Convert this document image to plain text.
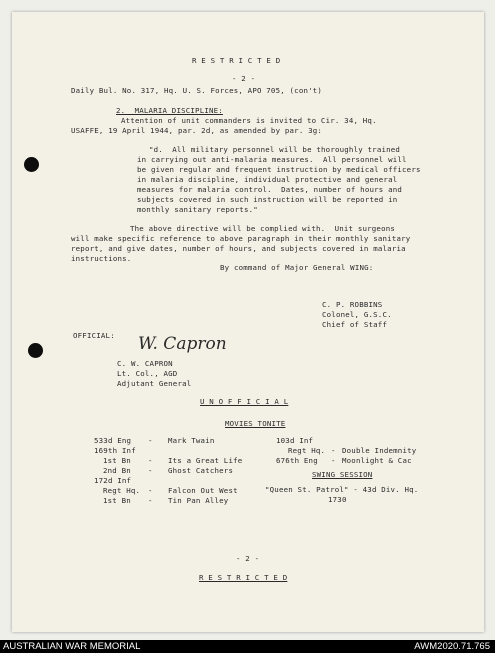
R E S T R I C T E D
- 2 -
Daily Bul. No. 317, Hq. U. S. Forces, APO 705, (con't)
2.  MALARIA DISCIPLINE:
Attention of unit commanders is invited to Cir. 34, Hq.
USAFFE, 19 April 1944, par. 2d, as amended by par. 3g:
"d.  All military personnel will be thoroughly trained
in carrying out anti-malaria measures.  All personnel will
be given regular and frequent instruction by medical officers
in malaria discipline, individual protective and general
measures for malaria control.  Dates, number of hours and
subjects covered in such instruction will be reported in
monthly sanitary reports."
The above directive will be complied with.  Unit surgeons
will make specific reference to above paragraph in their monthly sanitary
report, and give dates, number of hours, and subjects covered in malaria
instructions.
By command of Major General WING:
C. P. ROBBINS
Colonel, G.S.C.
Chief of Staff
OFFICIAL: W. Capron
C. W. CAPRON
Lt. Col., AGD
Adjutant General
U N O F F I C I A L
MOVIES TONITE
533d Eng - Mark Twain
169th Inf
1st Bn - Its a Great Life
2nd Bn - Ghost Catchers
172d Inf
Regt Hq. - Falcon Out West
1st Bn - Tin Pan Alley
103d Inf
Regt Hq. - Double Indemnity
676th Eng - Moonlight & Cac
SWING SESSION
"Queen St. Patrol" - 43d Div. Hq.
1730
- 2 -
R E S T R I C T E D
AUSTRALIAN WAR MEMORIAL	AWM2020.71.765
